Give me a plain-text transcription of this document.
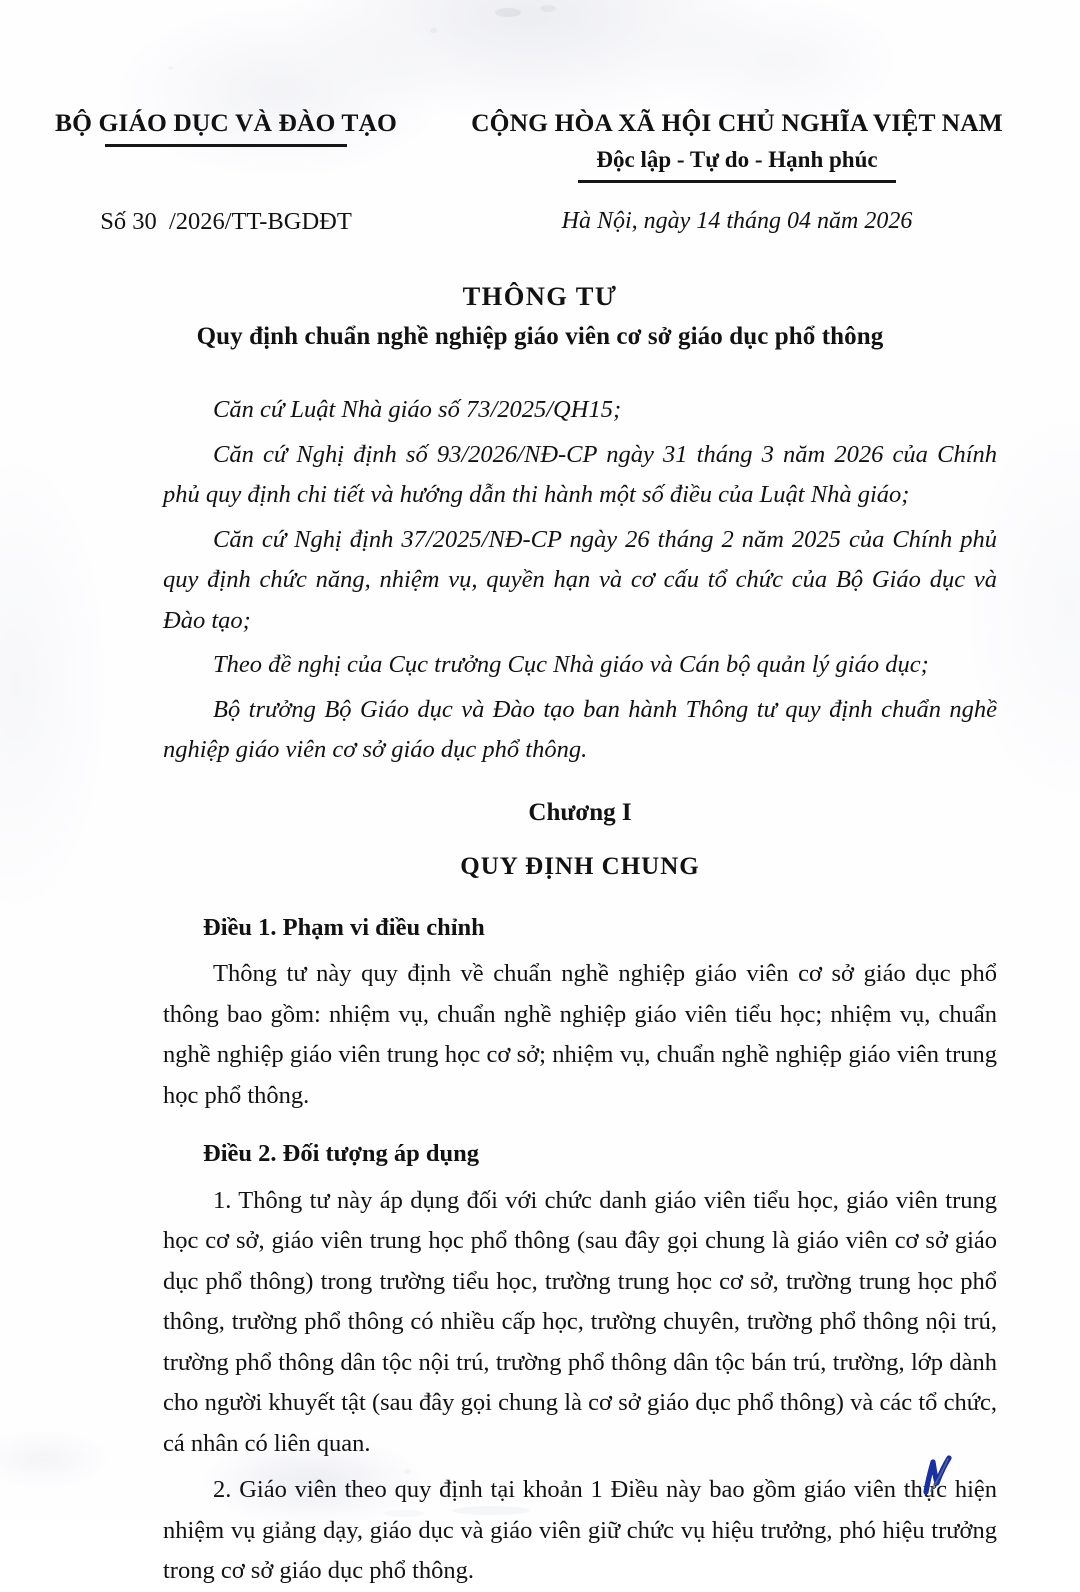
BỘ GIÁO DỤC VÀ ĐÀO TẠO	CỘNG HÒA XÃ HỘI CHỦ NGHĨA VIỆT NAM
Độc lập - Tự do - Hạnh phúc
Số 30  /2026/TT-BGDĐT	Hà Nội, ngày 14 tháng 04 năm 2026
THÔNG TƯ
Quy định chuẩn nghề nghiệp giáo viên cơ sở giáo dục phổ thông

Căn cứ Luật Nhà giáo số 73/2025/QH15;

Căn cứ Nghị định số 93/2026/NĐ-CP ngày 31 tháng 3 năm 2026 của Chính phủ quy định chi tiết và hướng dẫn thi hành một số điều của Luật Nhà giáo;

Căn cứ Nghị định 37/2025/NĐ-CP ngày 26 tháng 2 năm 2025 của Chính phủ quy định chức năng, nhiệm vụ, quyền hạn và cơ cấu tổ chức của Bộ Giáo dục và Đào tạo;

Theo đề nghị của Cục trưởng Cục Nhà giáo và Cán bộ quản lý giáo dục;

Bộ trưởng Bộ Giáo dục và Đào tạo ban hành Thông tư quy định chuẩn nghề nghiệp giáo viên cơ sở giáo dục phổ thông.

Chương I

QUY ĐỊNH CHUNG

Điều 1. Phạm vi điều chỉnh

Thông tư này quy định về chuẩn nghề nghiệp giáo viên cơ sở giáo dục phổ thông bao gồm: nhiệm vụ, chuẩn nghề nghiệp giáo viên tiểu học; nhiệm vụ, chuẩn nghề nghiệp giáo viên trung học cơ sở; nhiệm vụ, chuẩn nghề nghiệp giáo viên trung học phổ thông.

Điều 2. Đối tượng áp dụng

1. Thông tư này áp dụng đối với chức danh giáo viên tiểu học, giáo viên trung học cơ sở, giáo viên trung học phổ thông (sau đây gọi chung là giáo viên cơ sở giáo dục phổ thông) trong trường tiểu học, trường trung học cơ sở, trường trung học phổ thông, trường phổ thông có nhiều cấp học, trường chuyên, trường phổ thông nội trú, trường phổ thông dân tộc nội trú, trường phổ thông dân tộc bán trú, trường, lớp dành cho người khuyết tật (sau đây gọi chung là cơ sở giáo dục phổ thông) và các tổ chức, cá nhân có liên quan.

2. Giáo viên theo quy định tại khoản 1 Điều này bao gồm giáo viên thực hiện nhiệm vụ giảng dạy, giáo dục và giáo viên giữ chức vụ hiệu trưởng, phó hiệu trưởng trong cơ sở giáo dục phổ thông.
